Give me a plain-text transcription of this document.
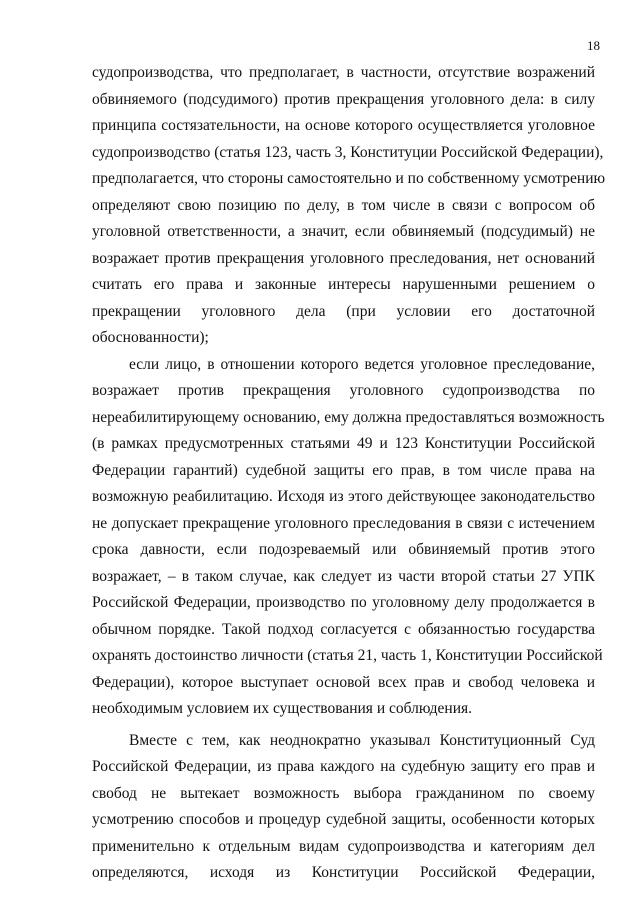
18
судопроизводства, что предполагает, в частности, отсутствие возражений
обвиняемого (подсудимого) против прекращения уголовного дела: в силу
принципа состязательности, на основе которого осуществляется уголовное
судопроизводство (статья 123, часть 3, Конституции Российской Федерации),
предполагается, что стороны самостоятельно и по собственному усмотрению
определяют свою позицию по делу, в том числе в связи с вопросом об
уголовной ответственности, а значит, если обвиняемый (подсудимый) не
возражает против прекращения уголовного преследования, нет оснований
считать его права и законные интересы нарушенными решением о
прекращении уголовного дела (при условии его достаточной
обоснованности);
если лицо, в отношении которого ведется уголовное преследование,
возражает против прекращения уголовного судопроизводства по
нереабилитирующему основанию, ему должна предоставляться возможность
(в рамках предусмотренных статьями 49 и 123 Конституции Российской
Федерации гарантий) судебной защиты его прав, в том числе права на
возможную реабилитацию. Исходя из этого действующее законодательство
не допускает прекращение уголовного преследования в связи с истечением
срока давности, если подозреваемый или обвиняемый против этого
возражает, – в таком случае, как следует из части второй статьи 27 УПК
Российской Федерации, производство по уголовному делу продолжается в
обычном порядке. Такой подход согласуется с обязанностью государства
охранять достоинство личности (статья 21, часть 1, Конституции Российской
Федерации), которое выступает основой всех прав и свобод человека и
необходимым условием их существования и соблюдения.
Вместе с тем, как неоднократно указывал Конституционный Суд
Российской Федерации, из права каждого на судебную защиту его прав и
свобод не вытекает возможность выбора гражданином по своему
усмотрению способов и процедур судебной защиты, особенности которых
применительно к отдельным видам судопроизводства и категориям дел
определяются, исходя из Конституции Российской Федерации,
